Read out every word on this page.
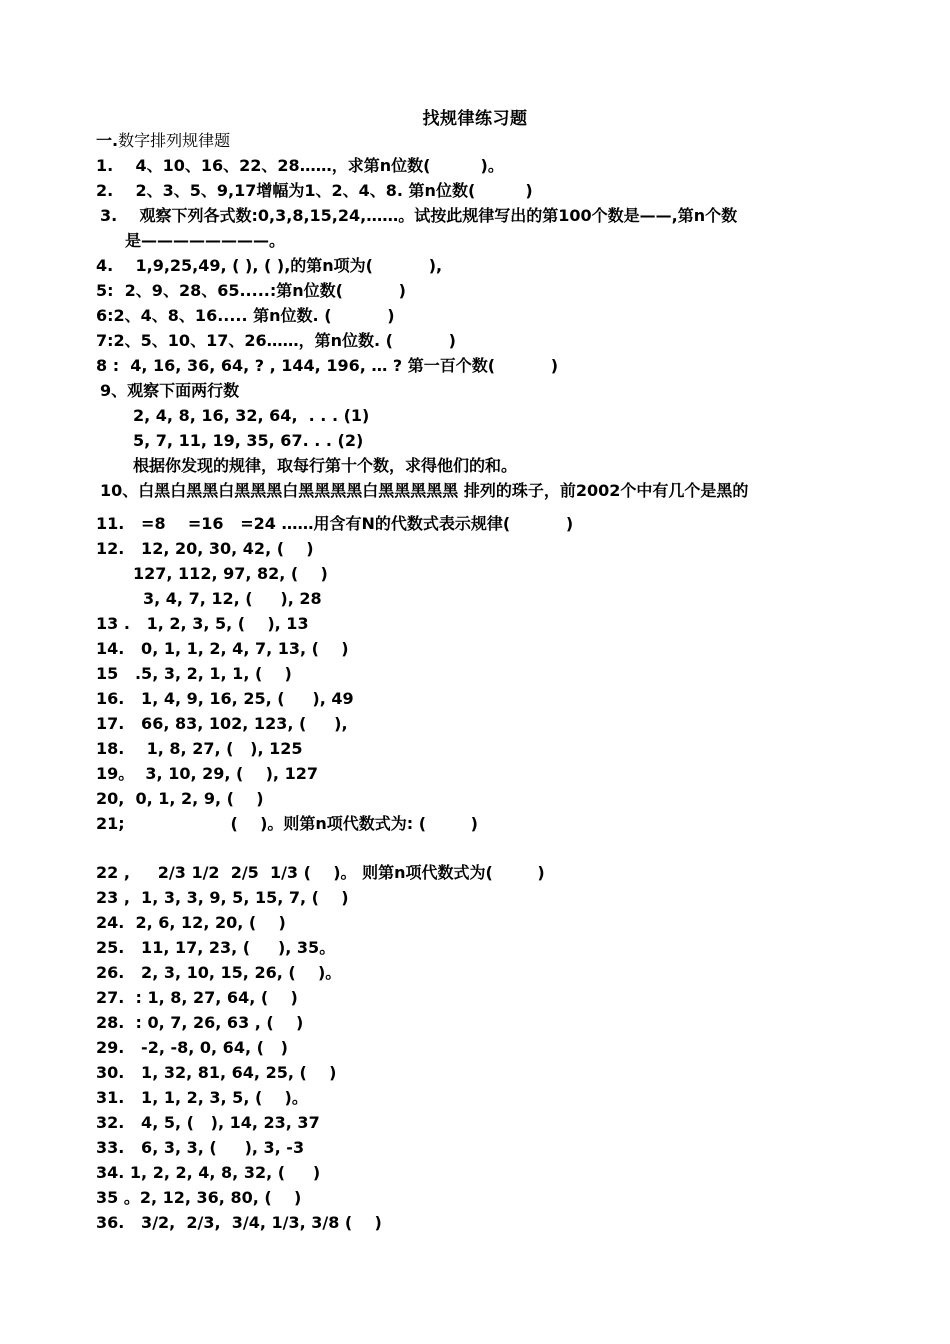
找规律练习题
一.数字排列规律题
1.    4、10、16、22、28……，求第n位数(         )。
2.    2、3、5、9,17增幅为1、2、4、8. 第n位数(         )
3.    观察下列各式数:0,3,8,15,24,……。试按此规律写出的第100个数是——,第n个数
是————————。
4.    1,9,25,49, ( ), ( ),的第n项为(          ),
5:  2、9、28、65.....:第n位数(          )
6:2、4、8、16..... 第n位数. (          )
7:2、5、10、17、26……，第n位数. (          )
8 :  4, 16, 36, 64, ? , 144, 196, … ? 第一百个数(          )
9、观察下面两行数
2, 4, 8, 16, 32, 64,  . . . (1)
5, 7, 11, 19, 35, 67. . . (2)
根据你发现的规律，取每行第十个数，求得他们的和。
10、白黑白黑黑白黑黑黑白黑黑黑黑白黑黑黑黑黑 排列的珠子，前2002个中有几个是黑的
11.   =8    =16   =24 ……用含有N的代数式表示规律(          )
12.   12, 20, 30, 42, (    )
127, 112, 97, 82, (    )
3, 4, 7, 12, (     ), 28
13 .   1, 2, 3, 5, (    ), 13
14.   0, 1, 1, 2, 4, 7, 13, (    )
15   .5, 3, 2, 1, 1, (    )
16.   1, 4, 9, 16, 25, (     ), 49
17.   66, 83, 102, 123, (     ),
18.    1, 8, 27, (   ), 125
19。  3, 10, 29, (    ), 127
20,  0, 1, 2, 9, (    )
21;                   (    )。则第n项代数式为: (        )
22 ,     2/3 1/2  2/5  1/3 (    )。 则第n项代数式为(        )
23 ,  1, 3, 3, 9, 5, 15, 7, (    )
24.  2, 6, 12, 20, (    )
25.   11, 17, 23, (     ), 35。
26.   2, 3, 10, 15, 26, (    )。
27.  : 1, 8, 27, 64, (    )
28.  : 0, 7, 26, 63 , (    )
29.   -2, -8, 0, 64, (   )
30.   1, 32, 81, 64, 25, (    )
31.   1, 1, 2, 3, 5, (    )。
32.   4, 5, (   ), 14, 23, 37
33.   6, 3, 3, (     ), 3, -3
34. 1, 2, 2, 4, 8, 32, (     )
35 。2, 12, 36, 80, (    )
36.   3/2,  2/3,  3/4, 1/3, 3/8 (    )
